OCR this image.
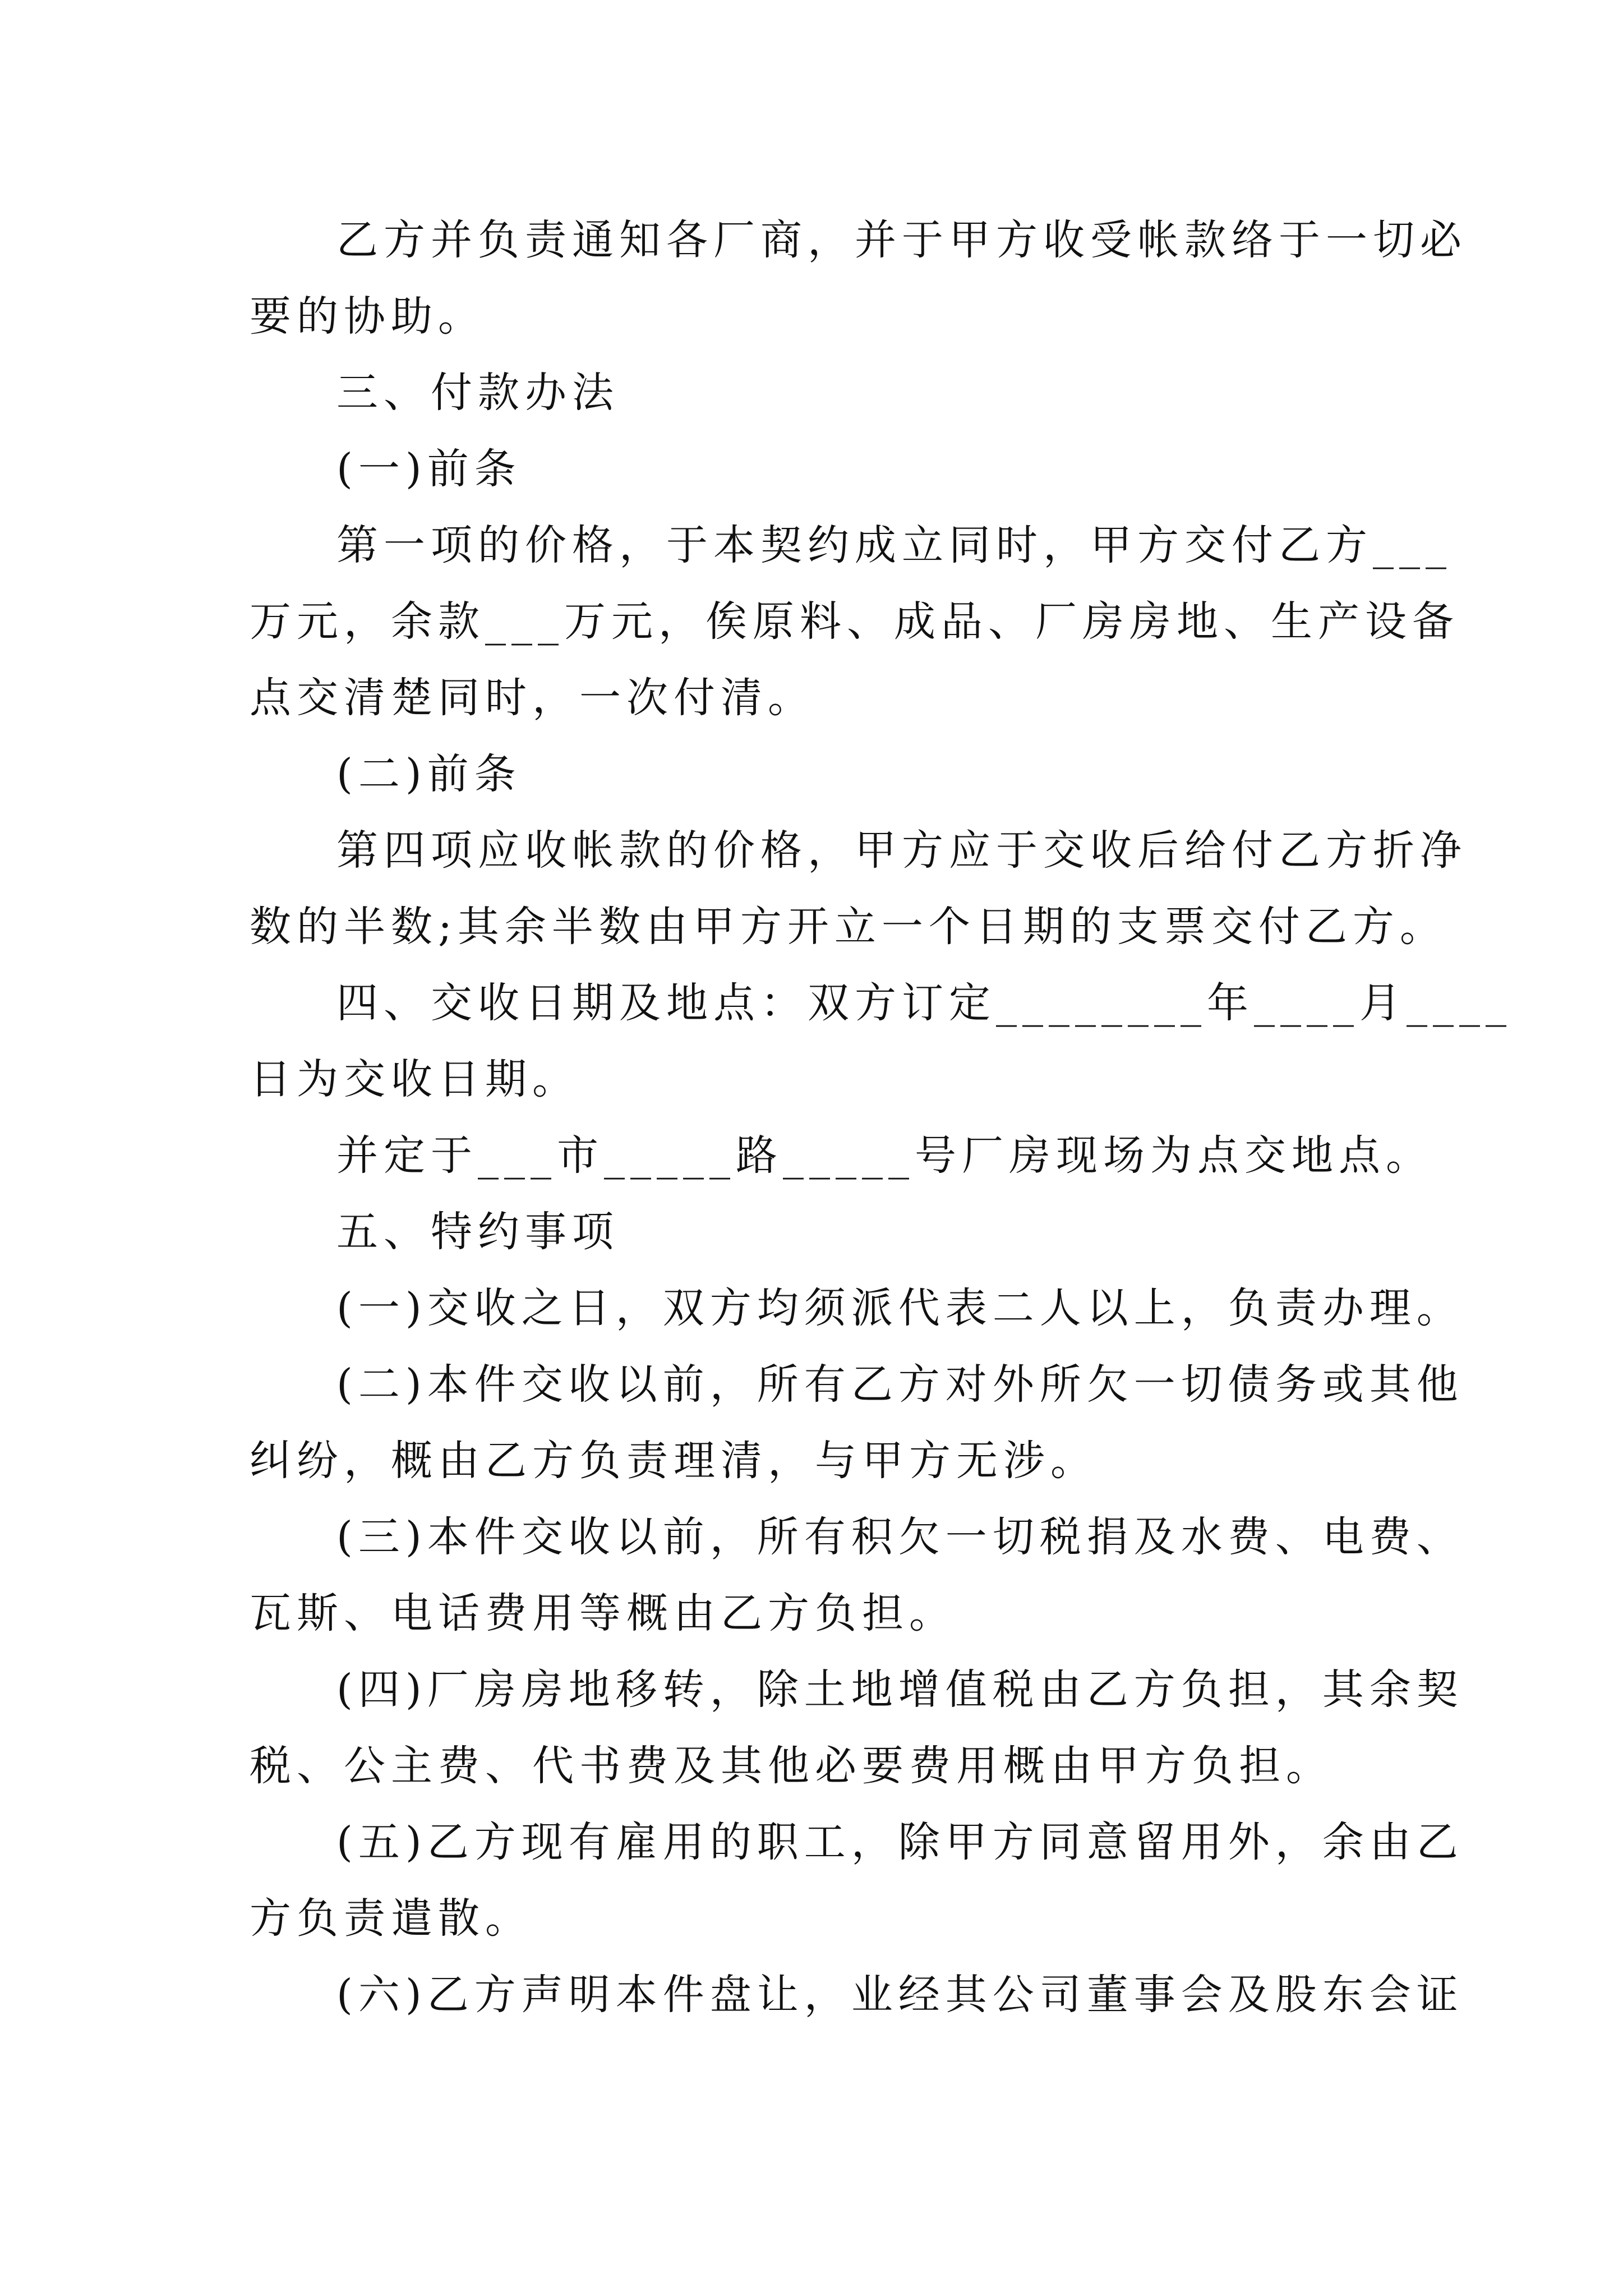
乙方并负责通知各厂商，并于甲方收受帐款络于一切必
要的协助。
三、付款办法
(一)前条
第一项的价格，于本契约成立同时，甲方交付乙方___
万元，余款___万元，俟原料、成品、厂房房地、生产设备
点交清楚同时，一次付清。
(二)前条
第四项应收帐款的价格，甲方应于交收后给付乙方折净
数的半数;其余半数由甲方开立一个日期的支票交付乙方。
四、交收日期及地点：双方订定________年____月____
日为交收日期。
并定于___市_____路_____号厂房现场为点交地点。
五、特约事项
(一)交收之日，双方均须派代表二人以上，负责办理。
(二)本件交收以前，所有乙方对外所欠一切债务或其他
纠纷，概由乙方负责理清，与甲方无涉。
(三)本件交收以前，所有积欠一切税捐及水费、电费、
瓦斯、电话费用等概由乙方负担。
(四)厂房房地移转，除土地增值税由乙方负担，其余契
税、公主费、代书费及其他必要费用概由甲方负担。
(五)乙方现有雇用的职工，除甲方同意留用外，余由乙
方负责遣散。
(六)乙方声明本件盘让，业经其公司董事会及股东会证
